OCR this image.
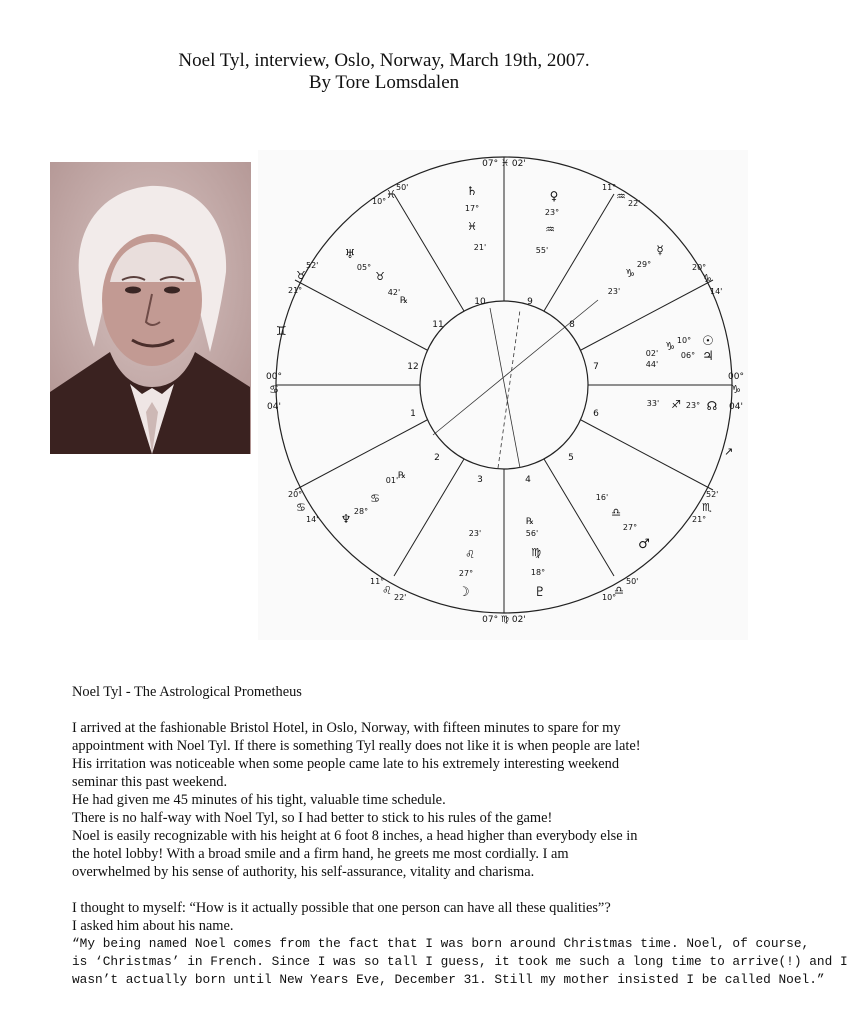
Noel Tyl, interview, Oslo, Norway, March 19th, 2007.
By Tore Lomsdalen
07° ♓ 02'
07° ♍ 02'
00°
♋
04'
00°
♑
04'
1
2
3	4
5
6
7
8
9
10
11
12
10°
♓
50'
52'
♉
21°
♊
11°
♒
22'
20°
♑
14'
↗
52'
♏
21°
50'
♎
10°
11°
♌
22'
20°
♋
14'
♄
17°
♓
21'
♀
23°
♒
55'	☿
29°
♑
23'
♅
05°
♉
42'
℞
10° ☉
06° ♃
♑
02'
44'
33' ♐ 23° ☊
♆
28°
♋
01' ℞
23'
♌
27°
☽
℞
56'
♍
18°
♇
16'
♎
27°
♂

Noel Tyl - The Astrological Prometheus

I arrived at the fashionable Bristol Hotel, in Oslo, Norway, with fifteen minutes to spare for my

appointment with Noel Tyl. If there is something Tyl really does not like it is when people are late!

His irritation was noticeable when some people came late to his extremely interesting weekend

seminar this past weekend.

He had given me 45 minutes of his tight, valuable time schedule.

There is no half-way with Noel Tyl, so I had better to stick to his rules of the game!

Noel is easily recognizable with his height at 6 foot 8 inches, a head higher than everybody else in

the hotel lobby! With a broad smile and a firm hand, he greets me most cordially. I am

overwhelmed by his sense of authority, his self-assurance, vitality and charisma.

I thought to myself: “How is it actually possible that one person can have all these qualities”?

I asked him about his name.

“My being named Noel comes from the fact that I was born around Christmas time. Noel, of course,

is ‘Christmas’ in French. Since I was so tall I guess, it took me such a long time to arrive(!) and I

wasn’t actually born until New Years Eve, December 31. Still my mother insisted I be called Noel.”
